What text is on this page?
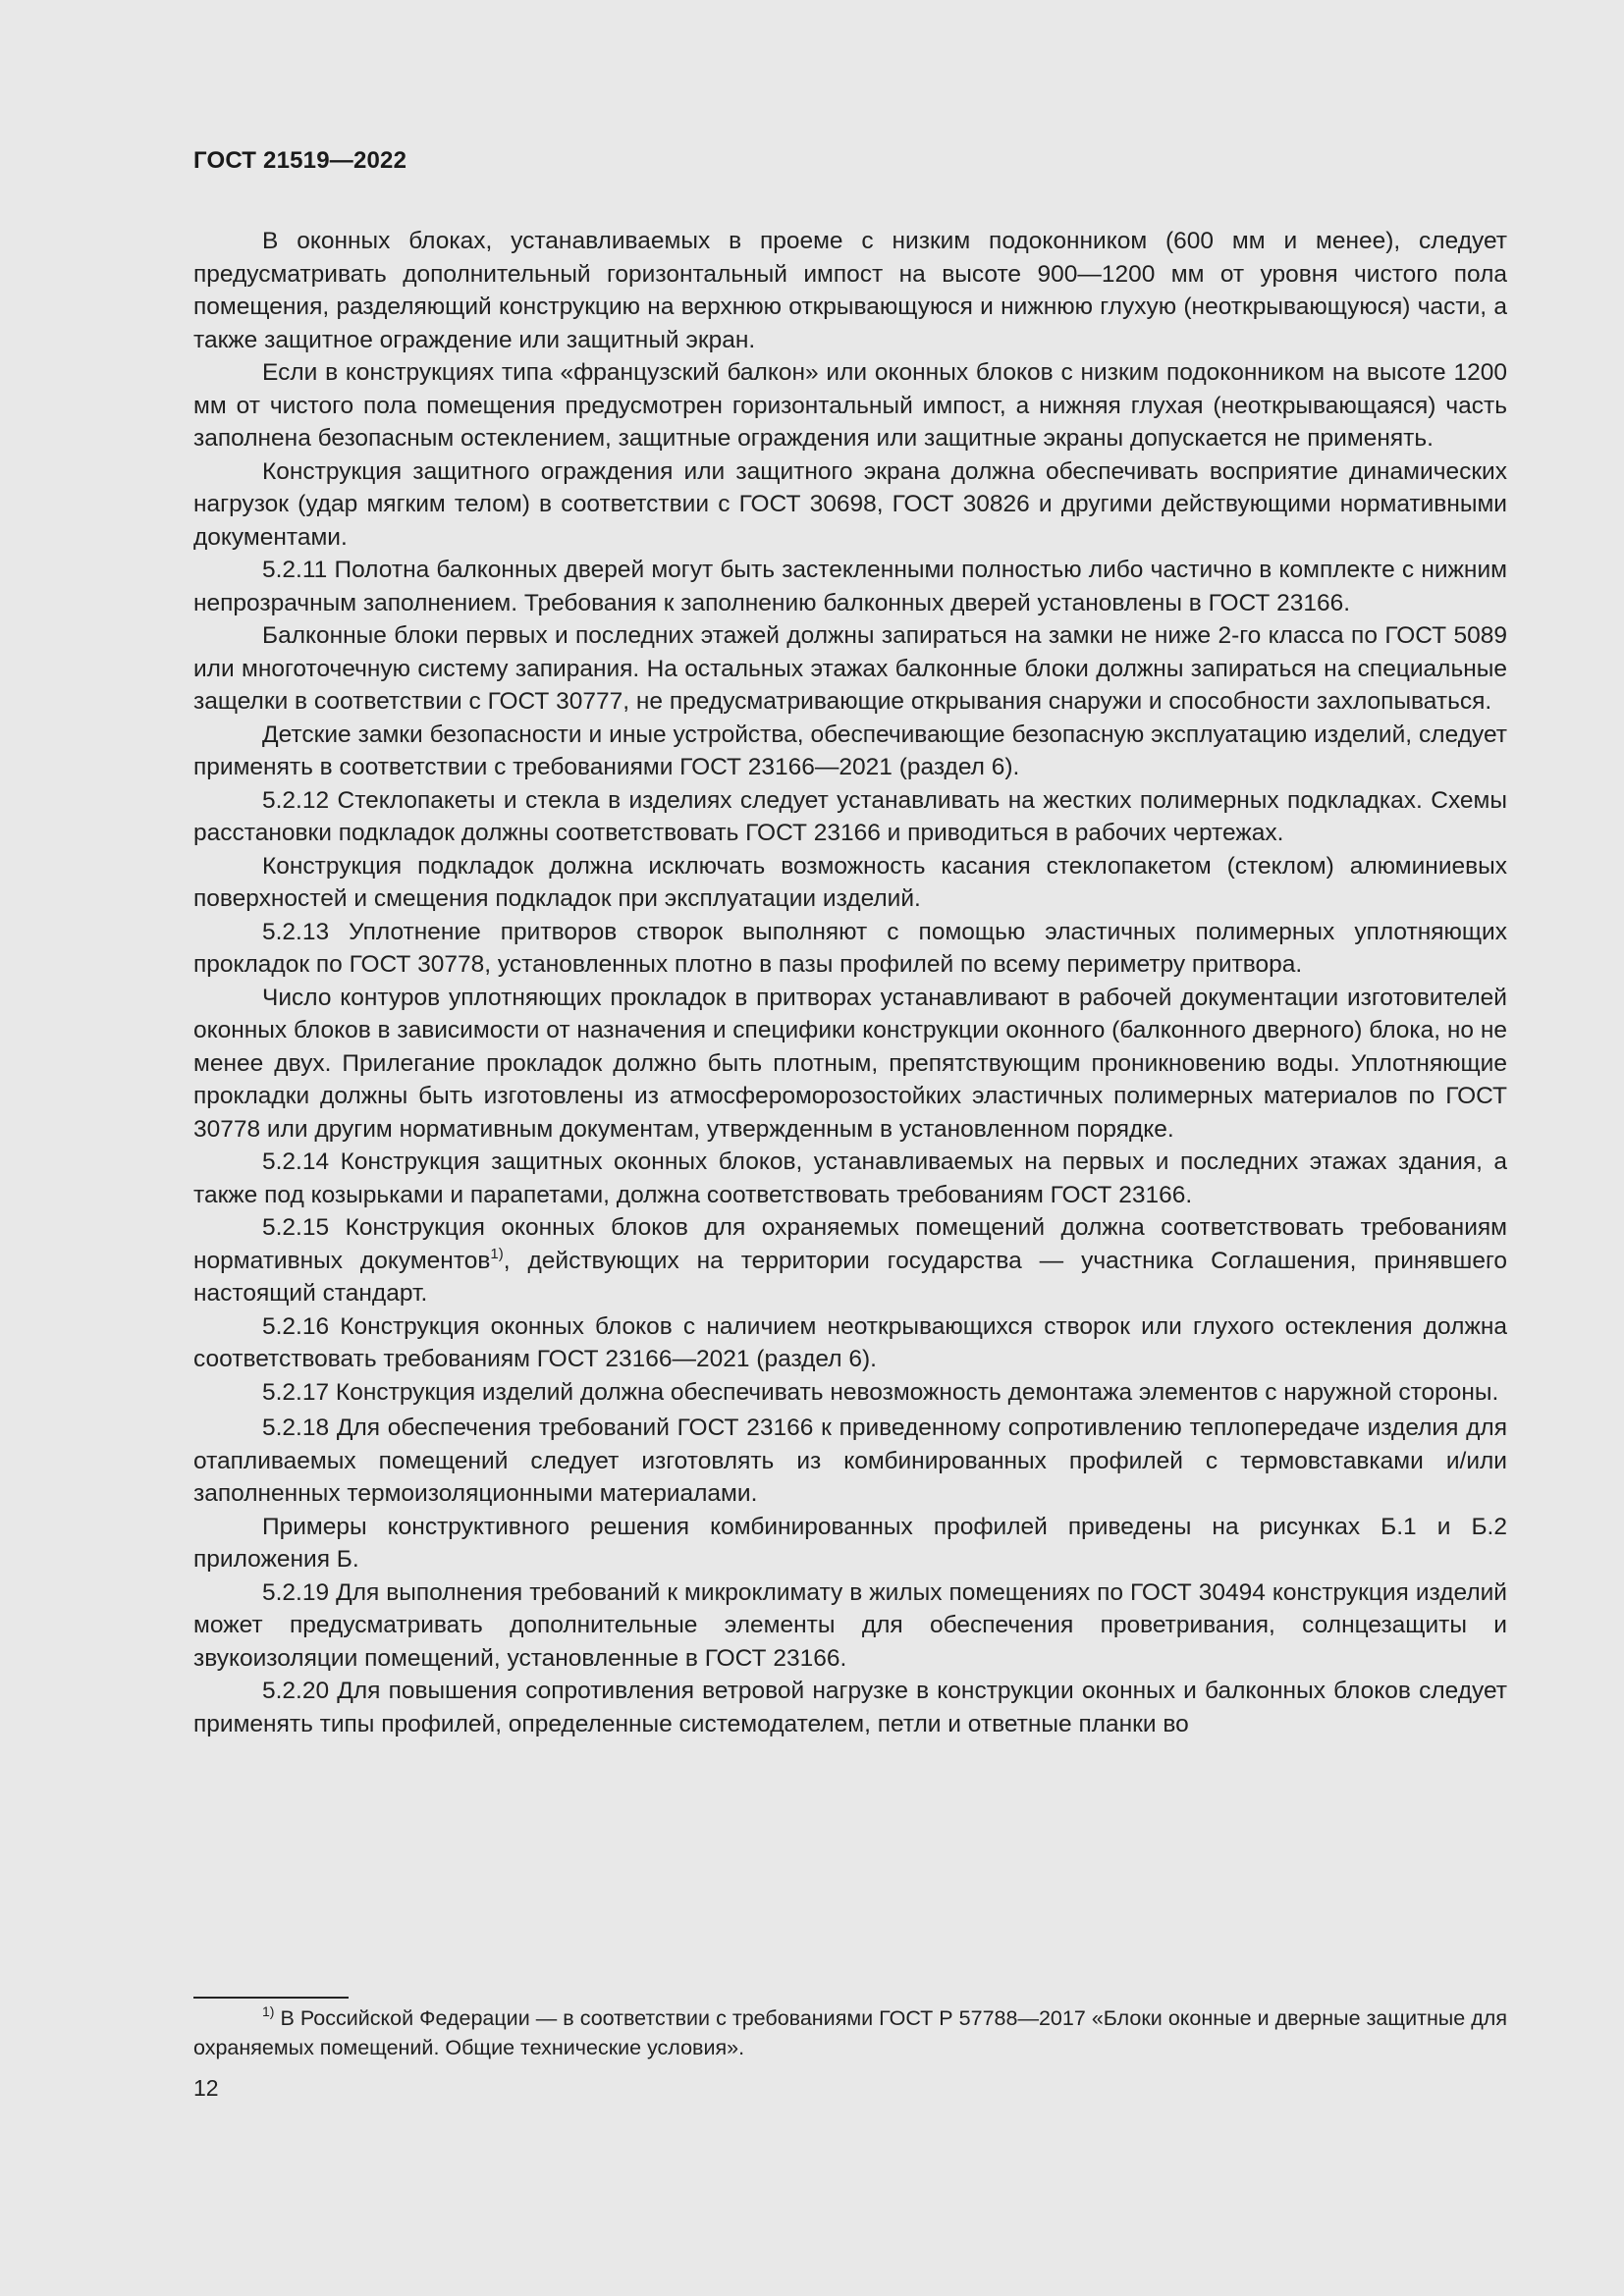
ГОСТ 21519—2022

В оконных блоках, устанавливаемых в проеме с низким подоконником (600 мм и менее), следует предусматривать дополнительный горизонтальный импост на высоте 900—1200 мм от уровня чистого пола помещения, разделяющий конструкцию на верхнюю открывающуюся и нижнюю глухую (неоткрывающуюся) части, а также защитное ограждение или защитный экран.

Если в конструкциях типа «французский балкон» или оконных блоков с низким подоконником на высоте 1200 мм от чистого пола помещения предусмотрен горизонтальный импост, а нижняя глухая (неоткрывающаяся) часть заполнена безопасным остеклением, защитные ограждения или защитные экраны допускается не применять.

Конструкция защитного ограждения или защитного экрана должна обеспечивать восприятие динамических нагрузок (удар мягким телом) в соответствии с ГОСТ 30698, ГОСТ 30826 и другими действующими нормативными документами.

5.2.11 Полотна балконных дверей могут быть застекленными полностью либо частично в комплекте с нижним непрозрачным заполнением. Требования к заполнению балконных дверей установлены в ГОСТ 23166.

Балконные блоки первых и последних этажей должны запираться на замки не ниже 2-го класса по ГОСТ 5089 или многоточечную систему запирания. На остальных этажах балконные блоки должны запираться на специальные защелки в соответствии с ГОСТ 30777, не предусматривающие открывания снаружи и способности захлопываться.

Детские замки безопасности и иные устройства, обеспечивающие безопасную эксплуатацию изделий, следует применять в соответствии с требованиями ГОСТ 23166—2021 (раздел 6).

5.2.12 Стеклопакеты и стекла в изделиях следует устанавливать на жестких полимерных подкладках. Схемы расстановки подкладок должны соответствовать ГОСТ 23166 и приводиться в рабочих чертежах.

Конструкция подкладок должна исключать возможность касания стеклопакетом (стеклом) алюминиевых поверхностей и смещения подкладок при эксплуатации изделий.

5.2.13 Уплотнение притворов створок выполняют с помощью эластичных полимерных уплотняющих прокладок по ГОСТ 30778, установленных плотно в пазы профилей по всему периметру притвора.

Число контуров уплотняющих прокладок в притворах устанавливают в рабочей документации изготовителей оконных блоков в зависимости от назначения и специфики конструкции оконного (балконного дверного) блока, но не менее двух. Прилегание прокладок должно быть плотным, препятствующим проникновению воды. Уплотняющие прокладки должны быть изготовлены из атмосфероморозостойких эластичных полимерных материалов по ГОСТ 30778 или другим нормативным документам, утвержденным в установленном порядке.

5.2.14 Конструкция защитных оконных блоков, устанавливаемых на первых и последних этажах здания, а также под козырьками и парапетами, должна соответствовать требованиям ГОСТ 23166.

5.2.15 Конструкция оконных блоков для охраняемых помещений должна соответствовать требованиям нормативных документов$^{1)}$, действующих на территории государства — участника Соглашения, принявшего настоящий стандарт.

5.2.16 Конструкция оконных блоков с наличием неоткрывающихся створок или глухого остекления должна соответствовать требованиям ГОСТ 23166—2021 (раздел 6).

5.2.17 Конструкция изделий должна обеспечивать невозможность демонтажа элементов с наружной стороны.

5.2.18 Для обеспечения требований ГОСТ 23166 к приведенному сопротивлению теплопередаче изделия для отапливаемых помещений следует изготовлять из комбинированных профилей с термовставками и/или заполненных термоизоляционными материалами.

Примеры конструктивного решения комбинированных профилей приведены на рисунках Б.1 и Б.2 приложения Б.

5.2.19 Для выполнения требований к микроклимату в жилых помещениях по ГОСТ 30494 конструкция изделий может предусматривать дополнительные элементы для обеспечения проветривания, солнцезащиты и звукоизоляции помещений, установленные в ГОСТ 23166.

5.2.20 Для повышения сопротивления ветровой нагрузке в конструкции оконных и балконных блоков следует применять типы профилей, определенные системодателем, петли и ответные планки во

$^{1)}$ В Российской Федерации — в соответствии с требованиями ГОСТ Р 57788—2017 «Блоки оконные и дверные защитные для охраняемых помещений. Общие технические условия».

12
